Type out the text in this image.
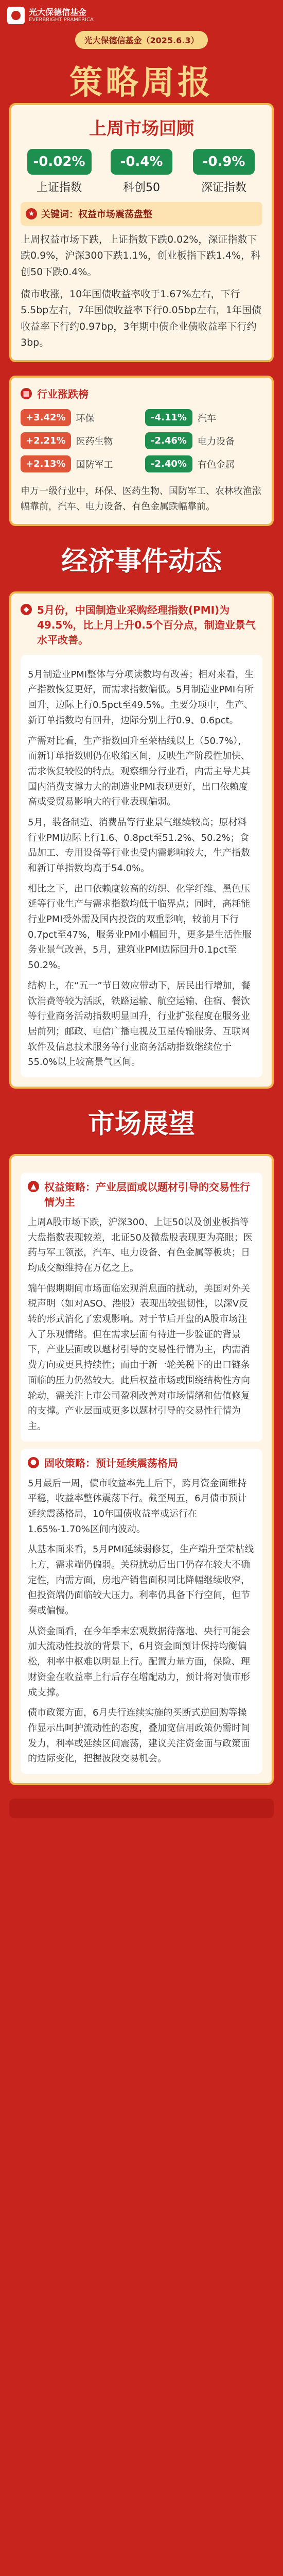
光大保德信基金
EVERBRIGHT PRAMERICA
光大保德信基金（2025.6.3）
策略周报
上周市场回顾
-0.02%
上证指数
-0.4%
科创50
-0.9%
深证指数
★ 关键词：权益市场震荡盘整
上周权益市场下跌，上证指数下跌0.02%，深证指数下跌0.9%，沪深300下跌1.1%，创业板指下跌1.4%，科创50下跌0.4%。
债市收涨，10年国债收益率收于1.67%左右，下行5.5bp左右，7年国债收益率下行0.05bp左右，1年国债收益率下行约0.97bp，3年期中债企业债收益率下行约3bp。
▦ 行业涨跌榜
+3.42%	环保
+2.21%	医药生物
+2.13%	国防军工
-4.11%	汽车
-2.46%	电力设备
-2.40%	有色金属
申万一级行业中，环保、医药生物、国防军工、农林牧渔涨幅靠前，汽车、电力设备、有色金属跌幅靠前。
经济事件动态
◆ 5月份，中国制造业采购经理指数(PMI)为49.5%，比上月上升0.5个百分点，制造业景气水平改善。
5月制造业PMI整体与分项读数均有改善；相对来看，生产指数恢复更好，而需求指数偏低。5月制造业PMI有所回升，边际上行0.5pct至49.5%。主要分项中，生产、新订单指数均有回升，边际分别上行0.9、0.6pct。
产需对比看，生产指数回升至荣枯线以上（50.7%），而新订单指数则仍在收缩区间，反映生产阶段性加快、需求恢复较慢的特点。观察细分行业看，内需主导尤其国内消费支撑力大的制造业PMI表现更好，出口依赖度高或受贸易影响大的行业表现偏弱。
5月，装备制造、消费品等行业景气继续较高；原材料行业PMI边际上行1.6、0.8pct至51.2%、50.2%；食品加工、专用设备等行业也受内需影响较大，生产指数和新订单指数均高于54.0%。
相比之下，出口依赖度较高的纺织、化学纤维、黑色压延等行业生产与需求指数均低于临界点；同时，高耗能行业PMI受外需及国内投资的双重影响，较前月下行0.7pct至47%，服务业PMI小幅回升，更多是生活性服务业景气改善，5月，建筑业PMI边际回升0.1pct至50.2%。
结构上，在“五一”节日效应带动下，居民出行增加，餐饮消费等较为活跃，铁路运输、航空运输、住宿、餐饮等行业商务活动指数明显回升，行业扩张程度在服务业居前列；邮政、电信广播电视及卫星传输服务、互联网软件及信息技术服务等行业商务活动指数继续位于55.0%以上较高景气区间。
市场展望
▲ 权益策略：产业层面或以题材引导的交易性行情为主
上周A股市场下跌，沪深300、上证50以及创业板指等大盘指数表现较差，北证50及微盘股表现更为亮眼；医药与军工领涨，汽车、电力设备、有色金属等板块；日均成交额维持在万亿之上。
端午假期期间市场面临宏观消息面的扰动，美国对外关税声明（如对ASO、港股）表现出较强韧性，以深V反转的形式消化了宏观影响。对于节后开盘的A股市场注入了乐观情绪。但在需求层面有待进一步验证的背景下，产业层面或以题材引导的交易性行情为主，内需消费方向或更具持续性；而由于新一轮关税下的出口链条面临的压力仍然较大。此后权益市场或围绕结构性方向轮动，需关注上市公司盈利改善对市场情绪和估值修复的支撑。产业层面或更多以题材引导的交易性行情为主。
● 固收策略：预计延续震荡格局
5月最后一周，债市收益率先上后下，跨月资金面维持平稳，收益率整体震荡下行。截至周五，6月债市预计延续震荡格局，10年国债收益率或运行在1.65%-1.70%区间内波动。
从基本面来看，5月PMI延续弱修复，生产端升至荣枯线上方，需求端仍偏弱。关税扰动后出口仍存在较大不确定性，内需方面，房地产销售面积同比降幅继续收窄，但投资端仍面临较大压力。利率仍具备下行空间，但节奏或偏慢。
从资金面看，在今年季末宏观数据待落地、央行可能会加大流动性投放的背景下，6月资金面预计保持均衡偏松，利率中枢难以明显上行。配置力量方面，保险、理财资金在收益率上行后存在增配动力，预计将对债市形成支撑。
债市政策方面，6月央行连续实施的买断式逆回购等操作显示出呵护流动性的态度，叠加宽信用政策仍需时间发力，利率或延续区间震荡，建议关注资金面与政策面的边际变化，把握波段交易机会。
